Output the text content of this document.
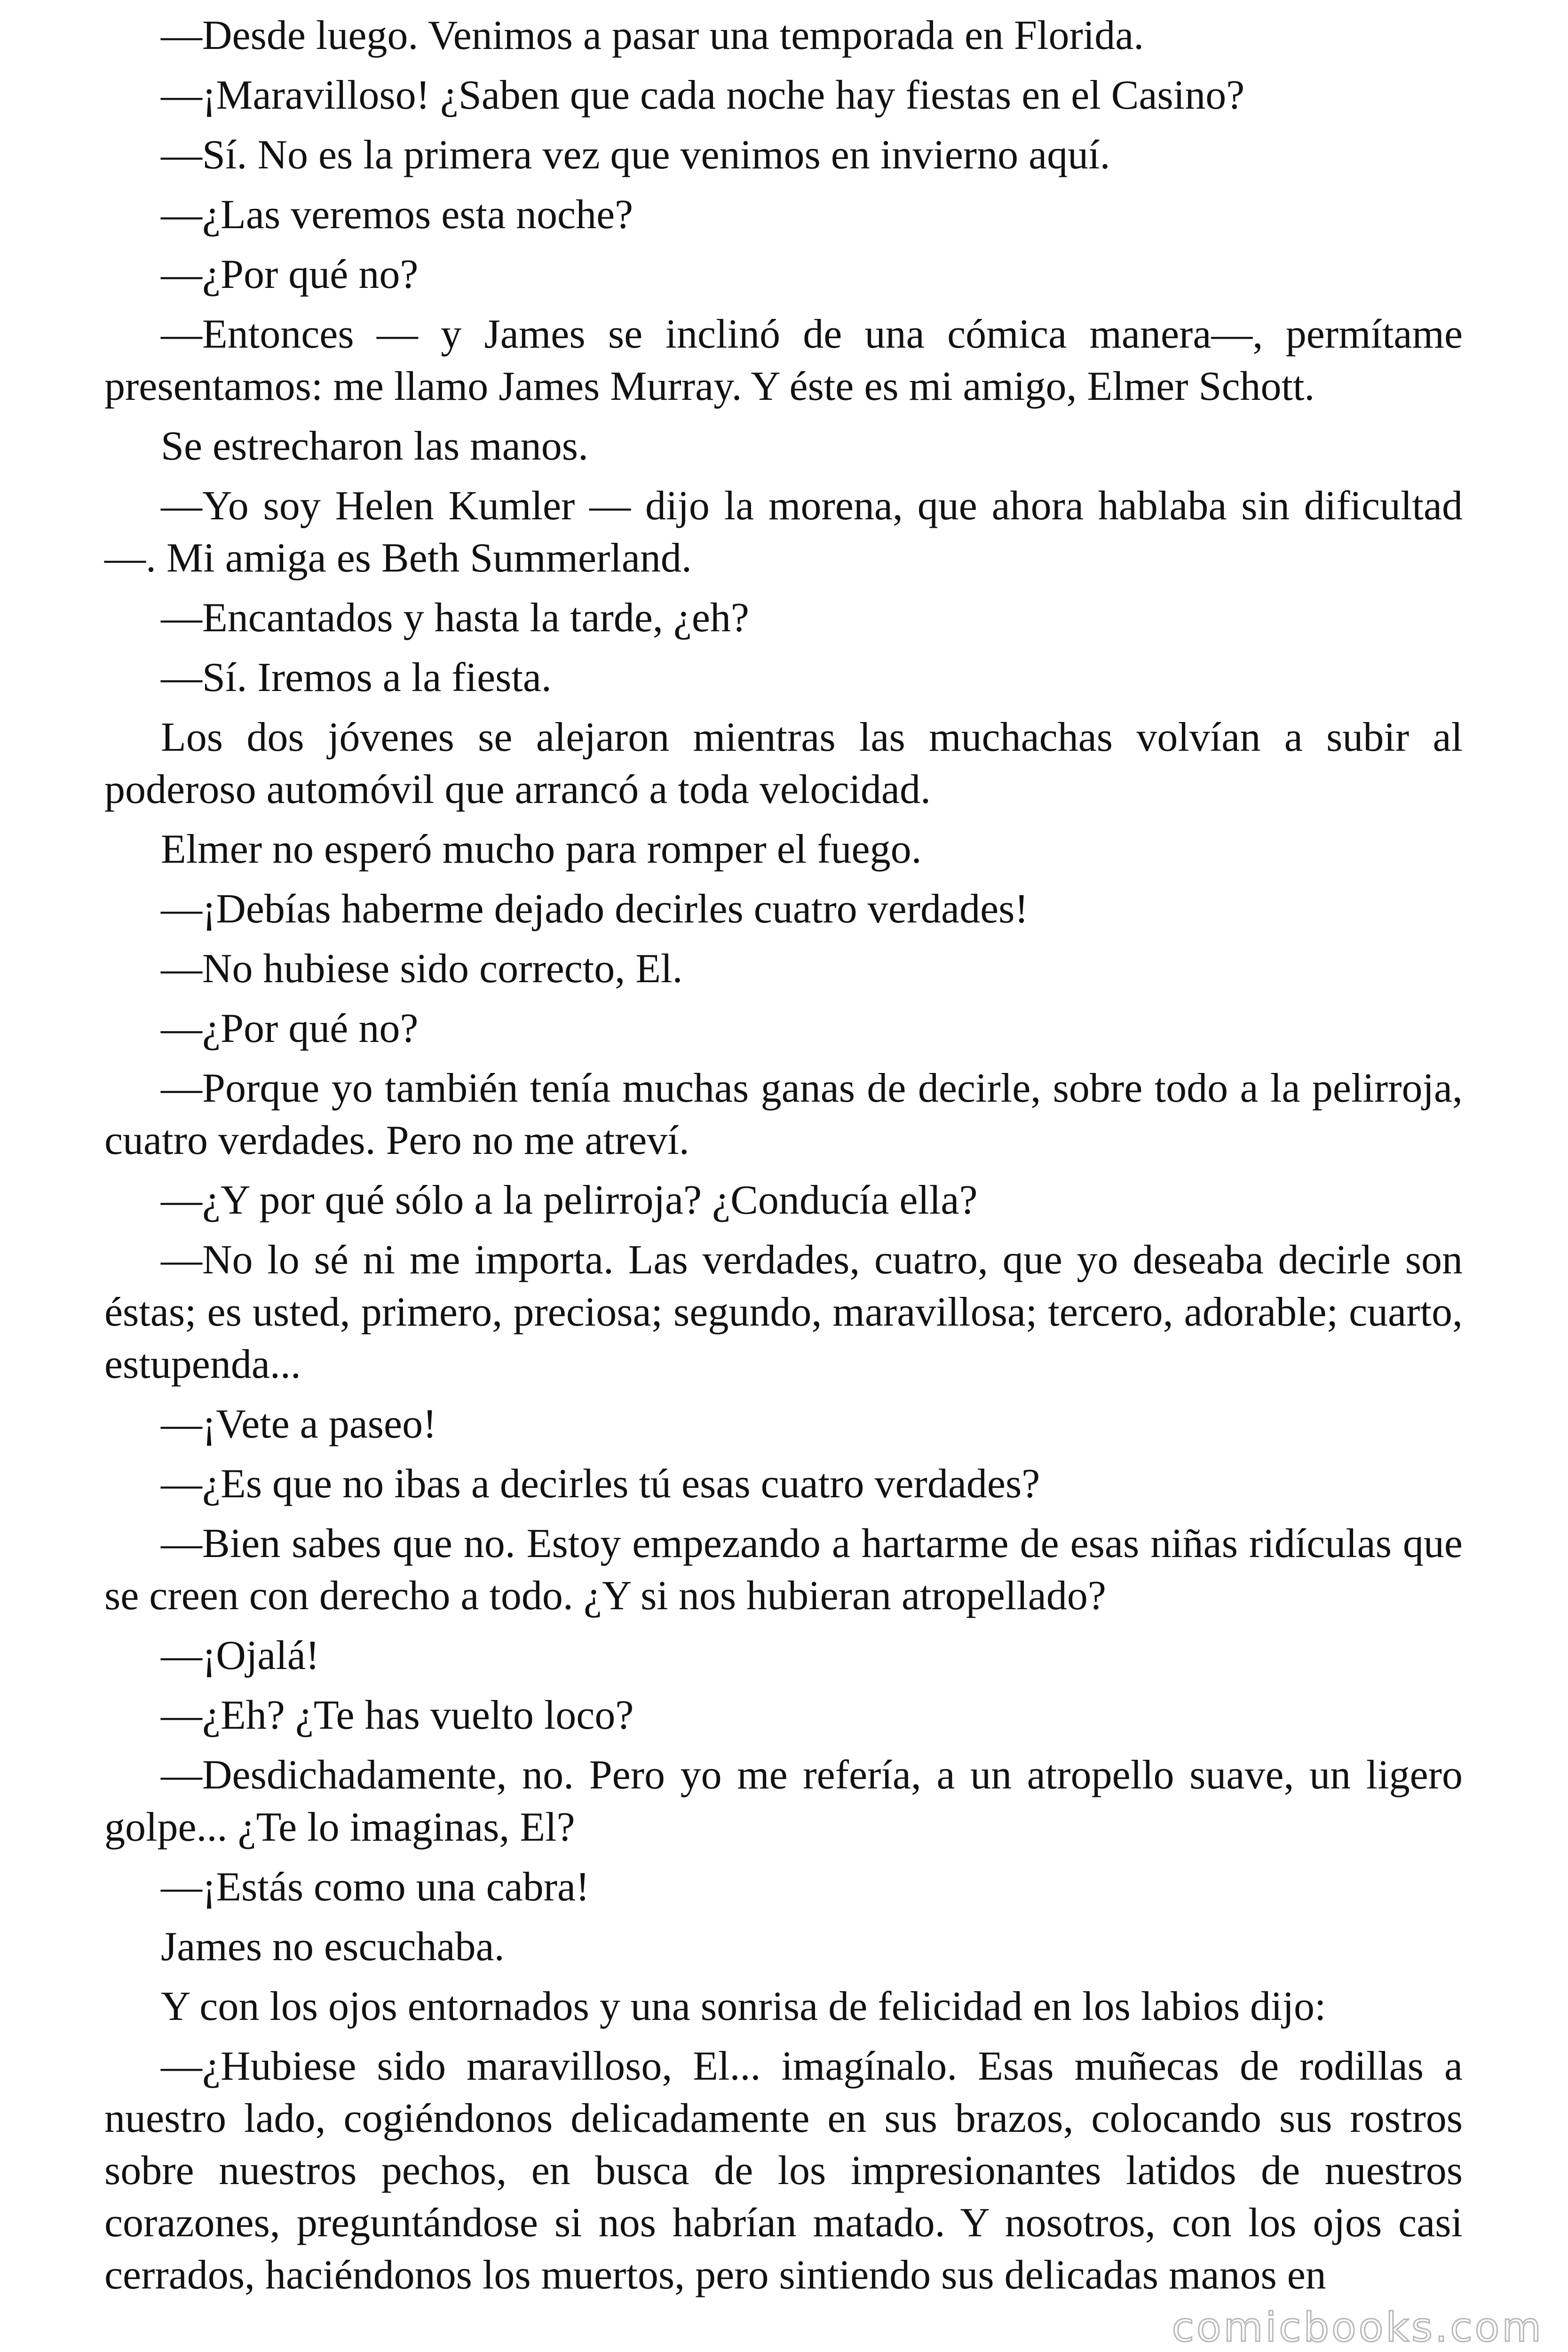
—Desde luego. Venimos a pasar una temporada en Florida.

—¡Maravilloso! ¿Saben que cada noche hay fiestas en el Casino?

—Sí. No es la primera vez que venimos en invierno aquí.

—¿Las veremos esta noche?

—¿Por qué no?

—Entonces — y James se inclinó de una cómica manera—, permítame presentamos: me llamo James Murray. Y éste es mi amigo, Elmer Schott.

Se estrecharon las manos.

—Yo soy Helen Kumler — dijo la morena, que ahora hablaba sin dificultad —. Mi amiga es Beth Summerland.

—Encantados y hasta la tarde, ¿eh?

—Sí. Iremos a la fiesta.

Los dos jóvenes se alejaron mientras las muchachas volvían a subir al poderoso automóvil que arrancó a toda velocidad.

Elmer no esperó mucho para romper el fuego.

—¡Debías haberme dejado decirles cuatro verdades!

—No hubiese sido correcto, El.

—¿Por qué no?

—Porque yo también tenía muchas ganas de decirle, sobre todo a la pelirroja, cuatro verdades. Pero no me atreví.

—¿Y por qué sólo a la pelirroja? ¿Conducía ella?

—No lo sé ni me importa. Las verdades, cuatro, que yo deseaba decirle son éstas; es usted, primero, preciosa; segundo, maravillosa; tercero, adorable; cuarto, estupenda...

—¡Vete a paseo!

—¿Es que no ibas a decirles tú esas cuatro verdades?

—Bien sabes que no. Estoy empezando a hartarme de esas niñas ridículas que se creen con derecho a todo. ¿Y si nos hubieran atropellado?

—¡Ojalá!

—¿Eh? ¿Te has vuelto loco?

—Desdichadamente, no. Pero yo me refería, a un atropello suave, un ligero golpe... ¿Te lo imaginas, El?

—¡Estás como una cabra!

James no escuchaba.

Y con los ojos entornados y una sonrisa de felicidad en los labios dijo:

—¿Hubiese sido maravilloso, El... imagínalo. Esas muñecas de rodillas a nuestro lado, cogiéndonos delicadamente en sus brazos, colocando sus rostros sobre nuestros pechos, en busca de los impresionantes latidos de nuestros corazones, preguntándose si nos habrían matado. Y nosotros, con los ojos casi cerrados, haciéndonos los muertos, pero sintiendo sus delicadas manos en

comicbooks.com
